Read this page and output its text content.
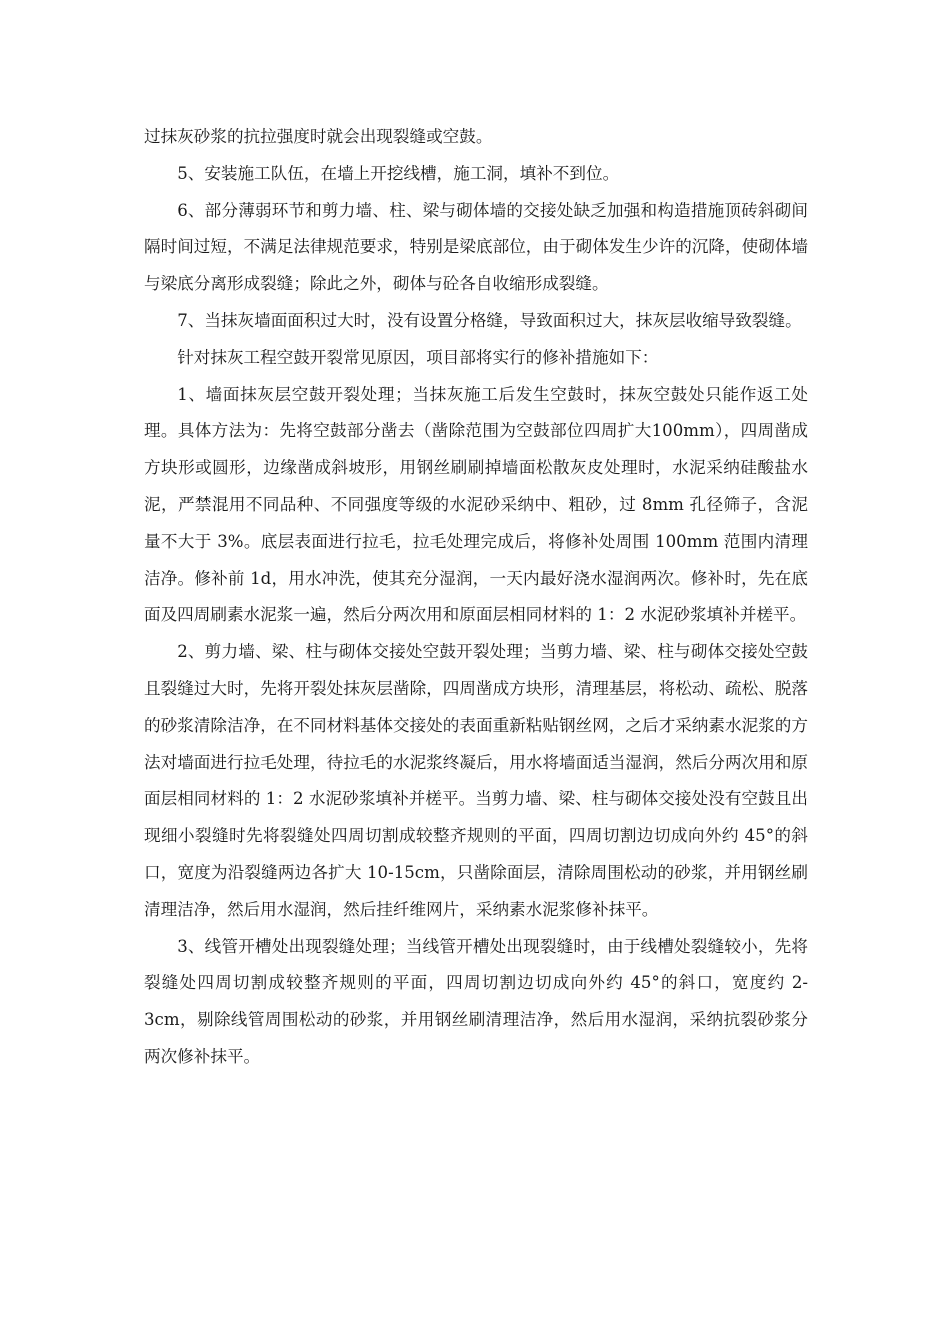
过抹灰砂浆的抗拉强度时就会出现裂缝或空鼓。

5、安装施工队伍，在墙上开挖线槽，施工洞，填补不到位。

6、部分薄弱环节和剪力墙、柱、梁与砌体墙的交接处缺乏加强和构造措施顶砖斜砌间隔时间过短，不满足法律规范要求，特别是梁底部位，由于砌体发生少许的沉降，使砌体墙与梁底分离形成裂缝；除此之外，砌体与砼各自收缩形成裂缝。

7、当抹灰墙面面积过大时，没有设置分格缝，导致面积过大，抹灰层收缩导致裂缝。

针对抹灰工程空鼓开裂常见原因，项目部将实行的修补措施如下：

1、墙面抹灰层空鼓开裂处理；当抹灰施工后发生空鼓时，抹灰空鼓处只能作返工处理。具体方法为：先将空鼓部分凿去（凿除范围为空鼓部位四周扩大100mm），四周凿成方块形或圆形，边缘凿成斜坡形，用钢丝刷刷掉墙面松散灰皮处理时，水泥采纳硅酸盐水泥，严禁混用不同品种、不同强度等级的水泥砂采纳中、粗砂，过 8mm 孔径筛子，含泥量不大于 3%。底层表面进行拉毛，拉毛处理完成后，将修补处周围 100mm 范围内清理洁净。修补前 1d，用水冲洗，使其充分湿润，一天内最好浇水湿润两次。修补时，先在底面及四周刷素水泥浆一遍，然后分两次用和原面层相同材料的 1：2 水泥砂浆填补并槎平。

2、剪力墙、梁、柱与砌体交接处空鼓开裂处理；当剪力墙、梁、柱与砌体交接处空鼓且裂缝过大时，先将开裂处抹灰层凿除，四周凿成方块形，清理基层，将松动、疏松、脱落的砂浆清除洁净，在不同材料基体交接处的表面重新粘贴钢丝网，之后才采纳素水泥浆的方法对墙面进行拉毛处理，待拉毛的水泥浆终凝后，用水将墙面适当湿润，然后分两次用和原面层相同材料的 1：2 水泥砂浆填补并槎平。当剪力墙、梁、柱与砌体交接处没有空鼓且出现细小裂缝时先将裂缝处四周切割成较整齐规则的平面，四周切割边切成向外约 45°的斜口，宽度为沿裂缝两边各扩大 10-15cm，只凿除面层，清除周围松动的砂浆，并用钢丝刷清理洁净，然后用水湿润，然后挂纤维网片，采纳素水泥浆修补抹平。

3、线管开槽处出现裂缝处理；当线管开槽处出现裂缝时，由于线槽处裂缝较小，先将裂缝处四周切割成较整齐规则的平面，四周切割边切成向外约 45°的斜口，宽度约 2-3cm，剔除线管周围松动的砂浆，并用钢丝刷清理洁净，然后用水湿润，采纳抗裂砂浆分两次修补抹平。
